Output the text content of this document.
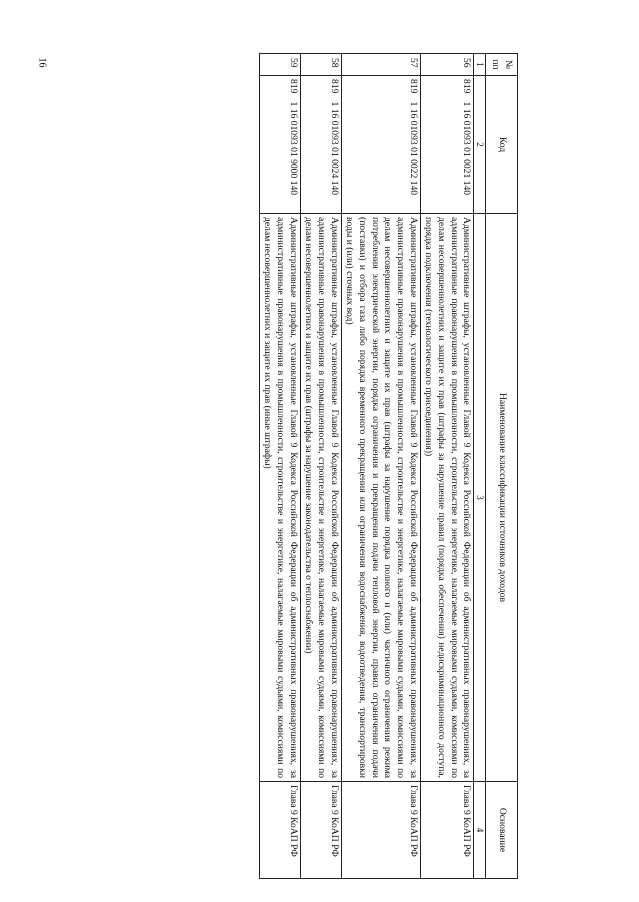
16	№ пп	Код		Наименование классификации источников доходов	Основание
1	2		3	4
56	819	1 16 01093 01 0021 140	Административные штрафы, установленные Главой 9 Кодекса Российской Федерации об административных правонарушениях, за административные правонарушения в промышленности, строительстве и энергетике, налагаемые мировыми судьями, комиссиями по делам несовершеннолетних и защите их прав (штрафы за нарушение правил (порядка обеспечения) недискриминационного доступа, порядка подключения (технологического присоединения))	Глава 9 КоАП РФ
57	819	1 16 01093 01 0022 140	Административные штрафы, установленные Главой 9 Кодекса Российской Федерации об административных правонарушениях, за административные правонарушения в промышленности, строительстве и энергетике, налагаемые мировыми судьями, комиссиями по делам несовершеннолетних и защите их прав (штрафы за нарушение порядка полного и (или) частичного ограничения режима потребления электрической энергии, порядка ограничения и прекращения подачи тепловой энергии, правил ограничения подачи (поставки) и отбора газа либо порядка временного прекращения или ограничения водоснабжения, водоотведения, транспортировки воды и (или) сточных вод)	Глава 9 КоАП РФ
58	819	1 16 01093 01 0024 140	Административные штрафы, установленные Главой 9 Кодекса Российской Федерации об административных правонарушениях, за административные правонарушения в промышленности, строительстве и энергетике, налагаемые мировыми судьями, комиссиями по делам несовершеннолетних и защите их прав (штрафы за нарушение законодательства о теплоснабжении)	Глава 9 КоАП РФ
59	819	1 16 01093 01 9000 140	Административные штрафы, установленные Главой 9 Кодекса Российской Федерации об административных правонарушениях, за административные правонарушения в промышленности, строительстве и энергетике, налагаемые мировыми судьями, комиссиями по делам несовершеннолетних и защите их прав (иные штрафы)	Глава 9 КоАП РФ
